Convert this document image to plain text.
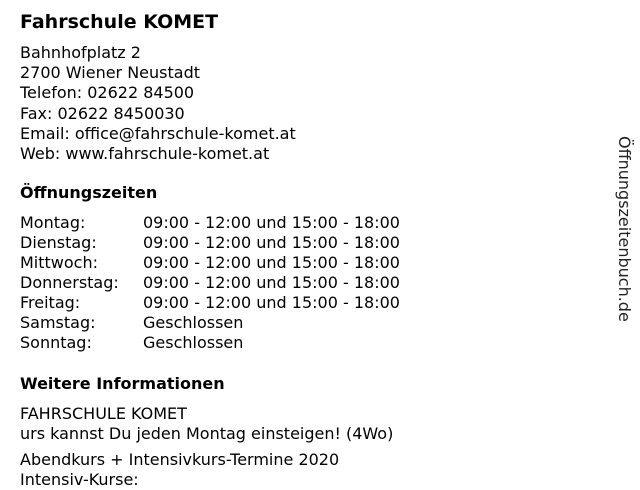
Fahrschule KOMET
Bahnhofplatz 2
2700 Wiener Neustadt
Telefon: 02622 84500
Fax: 02622 8450030
Email: office@fahrschule-komet.at
Web: www.fahrschule-komet.at
Öffnungszeiten
Montag:	09:00 - 12:00 und 15:00 - 18:00
Dienstag:	09:00 - 12:00 und 15:00 - 18:00
Mittwoch:	09:00 - 12:00 und 15:00 - 18:00
Donnerstag: 09:00 - 12:00 und 15:00 - 18:00
Freitag:	09:00 - 12:00 und 15:00 - 18:00
Samstag:	Geschlossen
Sonntag:	Geschlossen
Weitere Informationen
FAHRSCHULE KOMET
urs kannst Du jeden Montag einsteigen! (4Wo)
Abendkurs + Intensivkurs-Termine 2020
Intensiv-Kurse:
Öffnungszeitenbuch.de
